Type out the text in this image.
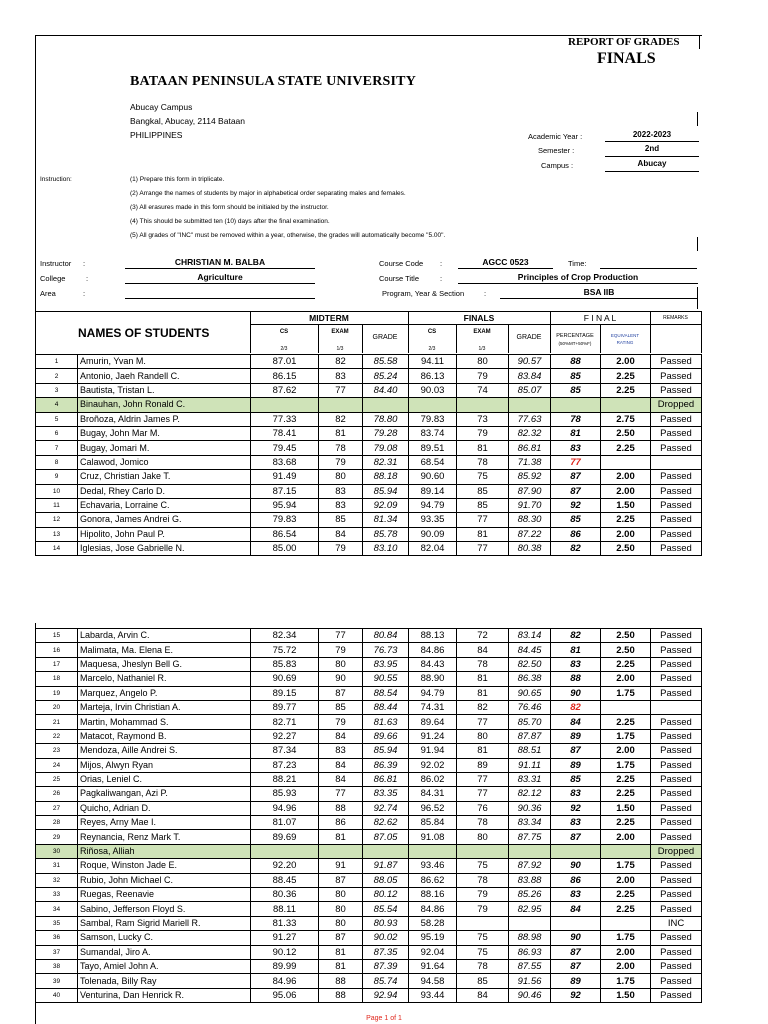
REPORT OF GRADES
FINALS
BATAAN PENINSULA STATE UNIVERSITY
Abucay Campus
Bangkal, Abucay, 2114 Bataan
PHILIPPINES	Academic Year :	2022-2023
Semester :	2nd
Campus :	Abucay
Instruction:	(1) Prepare this form in triplicate.
(2) Arrange the names of students by major in alphabetical order separating males and females.
(3) All erasures made in this form should be initialed by the instructor.
(4) This should be submitted ten (10) days after the final examination.
(5) All grades of "INC" must be removed within a year, otherwise, the grades will automatically become "5.00".
Instructor :	CHRISTIAN M. BALBA
College	:	Agriculture
Area	:
Course Code :	AGCC 0523	Time:
Course Title	:	Principles of Crop Production
Program, Year & Section	:	BSA IIB
NAMES OF STUDENTS
MIDTERM	FINALS	F I N A L	REMARKS
CS	EXAM
GRADE
CS	EXAM
GRADE
2/3	1/3	2/3	1/3
PERCENTAGE
(50%MT+50%F)
EQUIVALENT
RATING
1	Amurin, Yvan M.	87.01	82	85.58	94.11	80	90.57	88	2.00	Passed
2	Antonio, Jaeh Randell C.	86.15	83	85.24	86.13	79	83.84	85	2.25	Passed
3	Bautista, Tristan L.	87.62	77	84.40	90.03	74	85.07	85	2.25	Passed
4	Binauhan, John Ronald C.									Dropped
5	Broñoza, Aldrin James P.	77.33	82	78.80	79.83	73	77.63	78	2.75	Passed
6	Bugay, John Mar M.	78.41	81	79.28	83.74	79	82.32	81	2.50	Passed
7	Bugay, Jomari M.	79.45	78	79.08	89.51	81	86.81	83	2.25	Passed
8	Calawod, Jomico	83.68	79	82.31	68.54	78	71.38	77		
9	Cruz, Christian Jake T.	91.49	80	88.18	90.60	75	85.92	87	2.00	Passed
10	Dedal, Rhey Carlo D.	87.15	83	85.94	89.14	85	87.90	87	2.00	Passed
11	Echavaria, Lorraine C.	95.94	83	92.09	94.79	85	91.70	92	1.50	Passed
12	Gonora, James Andrei G.	79.83	85	81.34	93.35	77	88.30	85	2.25	Passed
13	Hipolito, John Paul P.	86.54	84	85.78	90.09	81	87.22	86	2.00	Passed
14	Iglesias, Jose Gabrielle N.	85.00	79	83.10	82.04	77	80.38	82	2.50	Passed
15	Labarda, Arvin C.	82.34	77	80.84	88.13	72	83.14	82	2.50	Passed
16	Malimata, Ma. Elena E.	75.72	79	76.73	84.86	84	84.45	81	2.50	Passed
17	Maquesa, Jheslyn Bell G.	85.83	80	83.95	84.43	78	82.50	83	2.25	Passed
18	Marcelo, Nathaniel R.	90.69	90	90.55	88.90	81	86.38	88	2.00	Passed
19	Marquez, Angelo P.	89.15	87	88.54	94.79	81	90.65	90	1.75	Passed
20	Marteja, Irvin Christian A.	89.77	85	88.44	74.31	82	76.46	82		
21	Martin, Mohammad S.	82.71	79	81.63	89.64	77	85.70	84	2.25	Passed
22	Matacot, Raymond B.	92.27	84	89.66	91.24	80	87.87	89	1.75	Passed
23	Mendoza, Aille Andrei S.	87.34	83	85.94	91.94	81	88.51	87	2.00	Passed
24	Mijos, Alwyn Ryan	87.23	84	86.39	92.02	89	91.11	89	1.75	Passed
25	Orias, Leniel C.	88.21	84	86.81	86.02	77	83.31	85	2.25	Passed
26	Pagkaliwangan, Azi P.	85.93	77	83.35	84.31	77	82.12	83	2.25	Passed
27	Quicho, Adrian D.	94.96	88	92.74	96.52	76	90.36	92	1.50	Passed
28	Reyes, Arny Mae I.	81.07	86	82.62	85.84	78	83.34	83	2.25	Passed
29	Reynancia, Renz Mark T.	89.69	81	87.05	91.08	80	87.75	87	2.00	Passed
30	Riñosa, Alliah									Dropped
31	Roque, Winston Jade E.	92.20	91	91.87	93.46	75	87.92	90	1.75	Passed
32	Rubio, John Michael C.	88.45	87	88.05	86.62	78	83.88	86	2.00	Passed
33	Ruegas, Reenavie	80.36	80	80.12	88.16	79	85.26	83	2.25	Passed
34	Sabino, Jefferson Floyd S.	88.11	80	85.54	84.86	79	82.95	84	2.25	Passed
35	Sambal, Ram Sigrid Mariell R.	81.33	80	80.93	58.28					INC
36	Samson, Lucky C.	91.27	87	90.02	95.19	75	88.98	90	1.75	Passed
37	Sumandal, Jiro A.	90.12	81	87.35	92.04	75	86.93	87	2.00	Passed
38	Tayo, Amiel John A.	89.99	81	87.39	91.64	78	87.55	87	2.00	Passed
39	Tolenada, Billy Ray	84.96	88	85.74	94.58	85	91.56	89	1.75	Passed
40	Venturina, Dan Henrick R.	95.06	88	92.94	93.44	84	90.46	92	1.50	Passed
Page 1 of 1
